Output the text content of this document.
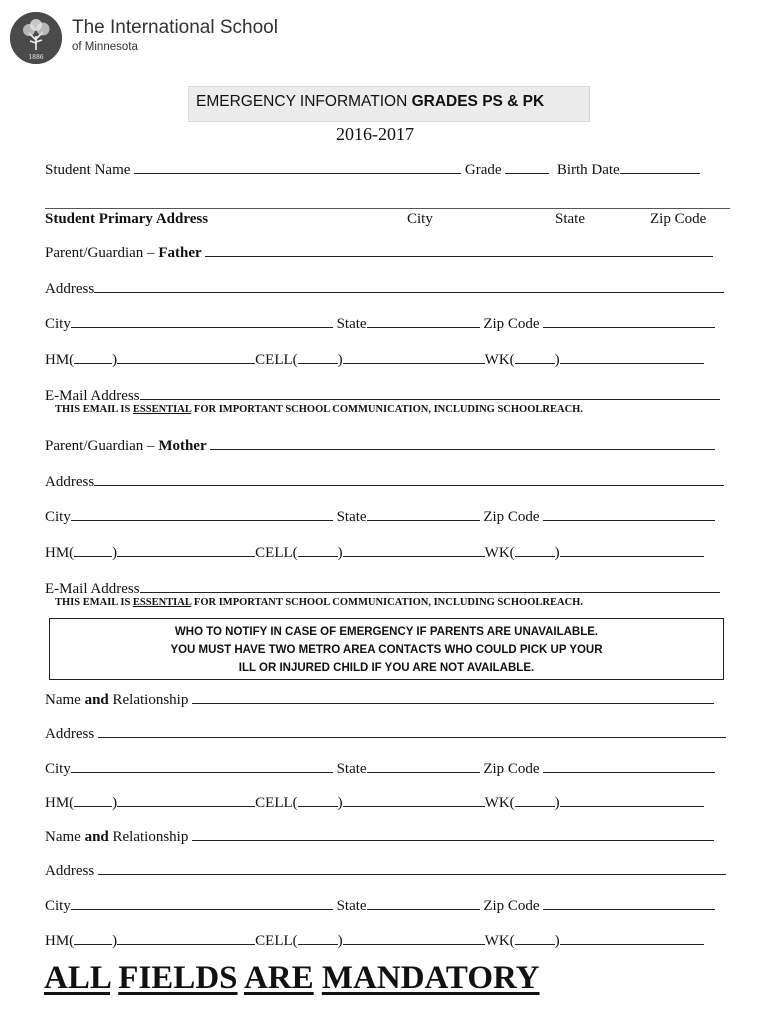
1886
The International School
of Minnesota
EMERGENCY INFORMATION GRADES PS & PK
2016-2017
Student Name	Grade	Birth Date
Student Primary Address	City	State	Zip Code
Parent/Guardian – Father
Address
City	State	Zip Code
HM(	)	CELL(	)	WK(	)
E-Mail Address
THIS EMAIL IS ESSENTIAL FOR IMPORTANT SCHOOL COMMUNICATION, INCLUDING SCHOOLREACH.
Parent/Guardian – Mother
Address
City	State	Zip Code
HM(	)	CELL(	)	WK(	)
E-Mail Address
THIS EMAIL IS ESSENTIAL FOR IMPORTANT SCHOOL COMMUNICATION, INCLUDING SCHOOLREACH.
WHO TO NOTIFY IN CASE OF EMERGENCY IF PARENTS ARE UNAVAILABLE.
YOU MUST HAVE TWO METRO AREA CONTACTS WHO COULD PICK UP YOUR
ILL OR INJURED CHILD IF YOU ARE NOT AVAILABLE.
Name and Relationship
Address
City	State	Zip Code
HM(	)	CELL(	)	WK(	)
Name and Relationship
Address
City	State	Zip Code
HM(	)	CELL(	)	WK(	)
ALL FIELDS ARE MANDATORY
